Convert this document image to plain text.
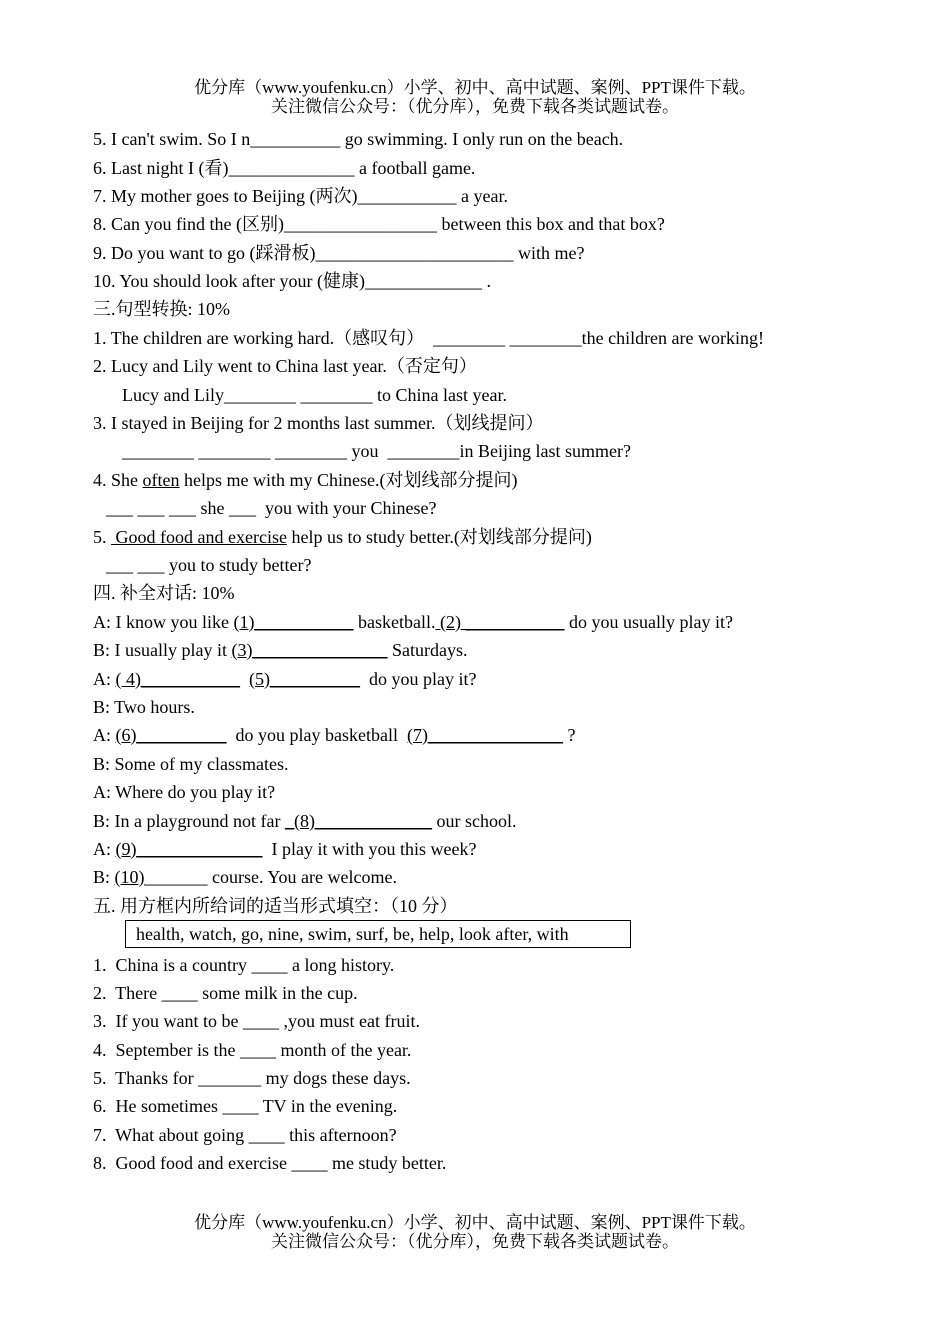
优分库（www.youfenku.cn）小学、初中、高中试题、案例、PPT课件下载。
关注微信公众号：（优分库），免费下载各类试题试卷。
5. I can't swim. So I n__________ go swimming. I only run on the beach.
6. Last night I (看)______________ a football game.
7. My mother goes to Beijing (两次)___________ a year.
8. Can you find the (区别)_________________ between this box and that box?
9. Do you want to go (踩滑板)______________________ with me?
10. You should look after your (健康)_____________ .
三.句型转换: 10%
1. The children are working hard.（感叹句）  ________ ________the children are working!
2. Lucy and Lily went to China last year.（否定句）
Lucy and Lily________ ________ to China last year.
3. I stayed in Beijing for 2 months last summer.（划线提问）
________ ________ ________ you  ________in Beijing last summer?
4. She often helps me with my Chinese.(对划线部分提问)
___ ___ ___ she ___  you with your Chinese?
5.  Good food and exercise help us to study better.(对划线部分提问)
___ ___ you to study better?
四. 补全对话: 10%
A: I know you like (1)___________ basketball. (2) ___________ do you usually play it?
B: I usually play it (3)_______________ Saturdays.
A: ( 4)___________ (5)__________  do you play it?
B: Two hours.
A: (6)__________  do you play basketball  (7)_______________ ?
B: Some of my classmates.
A: Where do you play it?
B: In a playground not far _(8)_____________ our school.
A: (9)______________  I play it with you this week?
B: (10)_______ course. You are welcome.
五. 用方框内所给词的适当形式填空：（10 分）
health, watch, go, nine, swim, surf, be, help, look after, with
1.  China is a country ____ a long history.
2.  There ____ some milk in the cup.
3.  If you want to be ____ ,you must eat fruit.
4.  September is the ____ month of the year.
5.  Thanks for _______ my dogs these days.
6.  He sometimes ____ TV in the evening.
7.  What about going ____ this afternoon?
8.  Good food and exercise ____ me study better.
优分库（www.youfenku.cn）小学、初中、高中试题、案例、PPT课件下载。
关注微信公众号：（优分库），免费下载各类试题试卷。
